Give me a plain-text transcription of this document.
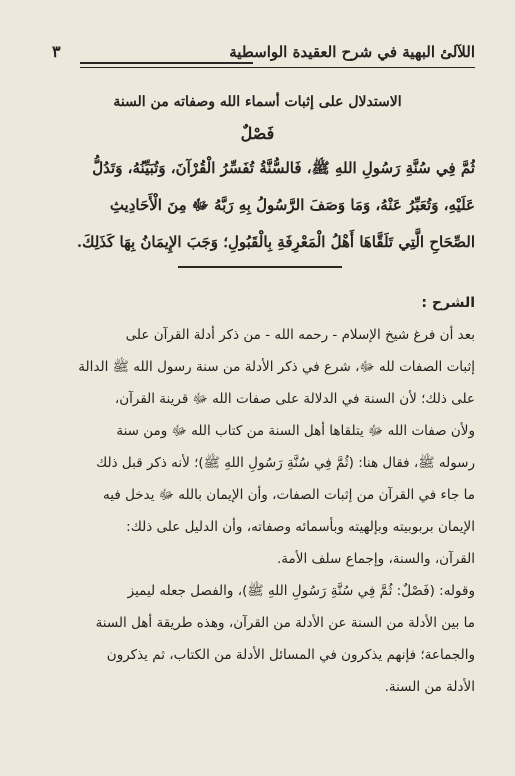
اللآلئ البهية في شرح العقيدة الواسطية
٣
الاستدلال على إثبات أسماء الله وصفاته من السنة
فَصْلٌ
ثُمَّ فِي سُنَّةِ رَسُولِ اللهِ ﷺ، فَالسُّنَّةُ تُفَسِّرُ الْقُرْآنَ، وَتُبَيِّنُهُ، وَتَدُلُّ
عَلَيْهِ، وَتُعَبِّرُ عَنْهُ، وَمَا وَصَفَ الرَّسُولُ بِهِ رَبَّهُ ﷻ مِنَ الْأَحَادِيثِ
الصِّحَاحِ الَّتِي تَلَقَّاهَا أَهْلُ الْمَعْرِفَةِ بِالْقَبُولِ؛ وَجَبَ الإِيمَانُ بِهَا كَذَلِكَ.
الشرح :
بعد أن فرغ شيخ الإسلام - رحمه الله - من ذكر أدلة القرآن على
إثبات الصفات لله ﷻ، شرع في ذكر الأدلة من سنة رسول الله ﷺ الدالة
على ذلك؛ لأن السنة في الدلالة على صفات الله ﷻ قرينة القرآن،
ولأن صفات الله ﷻ يتلقاها أهل السنة من كتاب الله ﷻ ومن سنة
رسوله ﷺ، فقال هنا: (ثُمَّ فِي سُنَّةِ رَسُولِ اللهِ ﷺ)؛ لأنه ذكر قبل ذلك
ما جاء في القرآن من إثبات الصفات، وأن الإيمان بالله ﷻ يدخل فيه
الإيمان بربوبيته وبإلهيته وبأسمائه وصفاته، وأن الدليل على ذلك:
القرآن، والسنة، وإجماع سلف الأمة.
وقوله: (فَصْلٌ: ثُمَّ فِي سُنَّةِ رَسُولِ اللهِ ﷺ)، والفصل جعله ليميز
ما بين الأدلة من السنة عن الأدلة من القرآن، وهذه طريقة أهل السنة
والجماعة؛ فإنهم يذكرون في المسائل الأدلة من الكتاب، ثم يذكرون
الأدلة من السنة.
